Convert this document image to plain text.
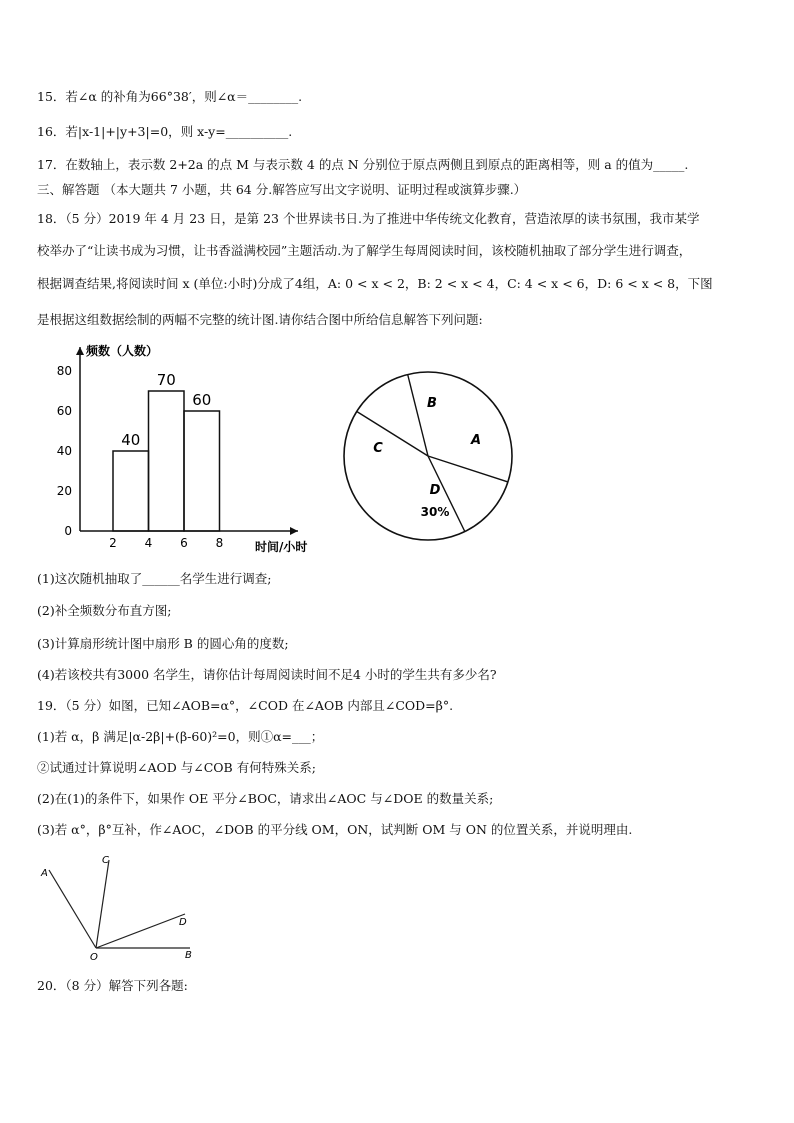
15．若∠α 的补角为66°38′，则∠α＝________.
16．若|x-1|+|y+3|=0，则 x-y=__________.
17．在数轴上，表示数 2+2a 的点 M 与表示数 4 的点 N 分别位于原点两侧且到原点的距离相等，则 a 的值为_____.
三、解答题 （本大题共 7 小题，共 64 分.解答应写出文字说明、证明过程或演算步骤.）
18．（5 分）2019 年 4 月 23 日，是第 23 个世界读书日.为了推进中华传统文化教育，营造浓厚的读书氛围，我市某学
校举办了“让读书成为习惯，让书香溢满校园”主题活动.为了解学生每周阅读时间，该校随机抽取了部分学生进行调查，
根据调查结果,将阅读时间 x (单位:小时)分成了4组，A: 0 < x < 2，B: 2 < x < 4，C: 4 < x < 6，D: 6 < x < 8，下图
是根据这组数据绘制的两幅不完整的统计图.请你结合图中所给信息解答下列问题:
频数（人数）
时间/小时
0
20
40
60
80
2 4 6 8
40
70
60
A
B
C
D
30%
(1)这次随机抽取了______名学生进行调查;
(2)补全频数分布直方图;
(3)计算扇形统计图中扇形 B 的圆心角的度数;
(4)若该校共有3000 名学生，请你估计每周阅读时间不足4 小时的学生共有多少名?
19．（5 分）如图，已知∠AOB=α°，∠COD 在∠AOB 内部且∠COD=β°.
(1)若 α，β 满足|α-2β|+(β-60)²=0，则①α=___；
②试通过计算说明∠AOD 与∠COB 有何特殊关系;
(2)在(1)的条件下，如果作 OE 平分∠BOC，请求出∠AOC 与∠DOE 的数量关系;
(3)若 α°，β°互补，作∠AOC，∠DOB 的平分线 OM，ON，试判断 OM 与 ON 的位置关系，并说明理由.
A
C
D
O	B
20．（8 分）解答下列各题:
